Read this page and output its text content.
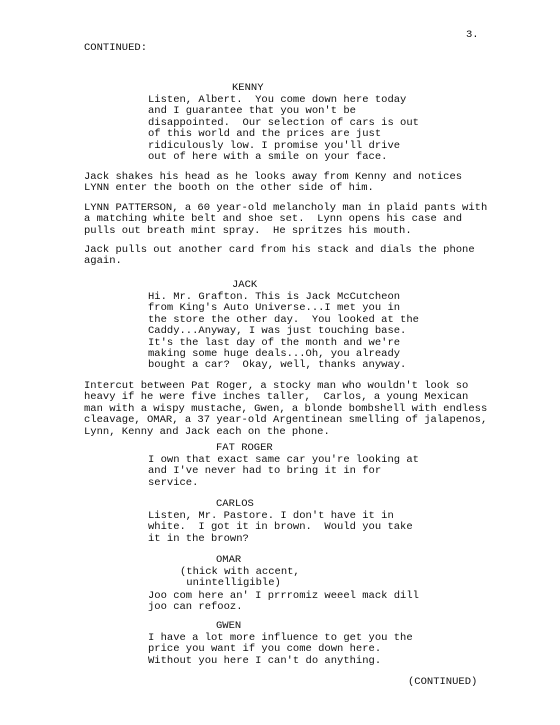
3.
CONTINUED:
KENNY
Listen, Albert.  You come down here today
and I guarantee that you won't be
disappointed.  Our selection of cars is out
of this world and the prices are just
ridiculously low. I promise you'll drive
out of here with a smile on your face.
Jack shakes his head as he looks away from Kenny and notices
LYNN enter the booth on the other side of him.
LYNN PATTERSON, a 60 year-old melancholy man in plaid pants with
a matching white belt and shoe set.  Lynn opens his case and
pulls out breath mint spray.  He spritzes his mouth.
Jack pulls out another card from his stack and dials the phone
again.
JACK
Hi. Mr. Grafton. This is Jack McCutcheon
from King's Auto Universe...I met you in
the store the other day.  You looked at the
Caddy...Anyway, I was just touching base.
It's the last day of the month and we're
making some huge deals...Oh, you already
bought a car?  Okay, well, thanks anyway.
Intercut between Pat Roger, a stocky man who wouldn't look so
heavy if he were five inches taller,  Carlos, a young Mexican
man with a wispy mustache, Gwen, a blonde bombshell with endless
cleavage, OMAR, a 37 year-old Argentinean smelling of jalapenos,
Lynn, Kenny and Jack each on the phone.
FAT ROGER
I own that exact same car you're looking at
and I've never had to bring it in for
service.
CARLOS
Listen, Mr. Pastore. I don't have it in
white.  I got it in brown.  Would you take
it in the brown?
OMAR
(thick with accent,
unintelligible)
Joo com here an' I prrromiz weeel mack dill
joo can refooz.
GWEN
I have a lot more influence to get you the
price you want if you come down here.
Without you here I can't do anything.
(CONTINUED)
